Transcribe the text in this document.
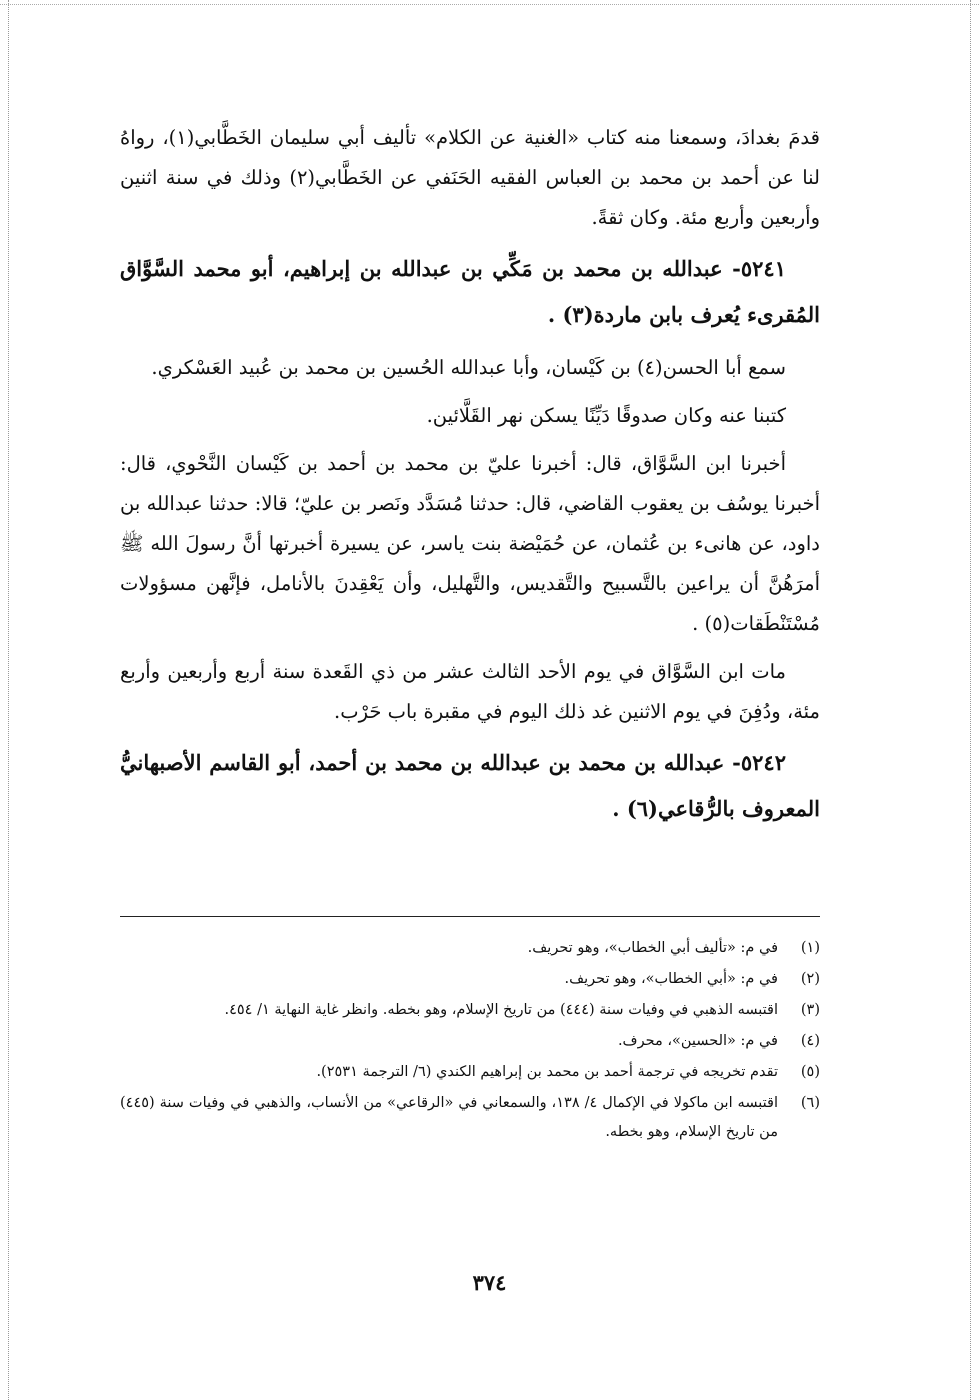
قدمَ بغدادَ، وسمعنا منه كتاب «الغنية عن الكلام» تأليف أبي سليمان الخَطَّابي(١)، رواهُ لنا عن أحمد بن محمد بن العباس الفقيه الحَنَفي عن الخَطَّابي(٢) وذلك في سنة اثنين وأربعين وأربع مئة. وكان ثقةً.

٥٢٤١- عبدالله بن محمد بن مَكِّي بن عبدالله بن إبراهيم، أبو محمد السَّوَّاق المُقرىء يُعرف بابن ماردة(٣) .

سمع أبا الحسن(٤) بن كَيْسان، وأبا عبدالله الحُسين بن محمد بن عُبيد العَسْكري.

كتبنا عنه وكان صدوقًا دَيِّنًا يسكن نهر القَلَّائين.

أخبرنا ابن السَّوَّاق، قال: أخبرنا عليّ بن محمد بن أحمد بن كَيْسان النَّحْوي، قال: أخبرنا يوسُف بن يعقوب القاضي، قال: حدثنا مُسَدَّد ونَصر بن عليّ؛ قالا: حدثنا عبدالله بن داود، عن هانىء بن عُثمان، عن حُمَيْضة بنت ياسر، عن يسيرة أخبرتها أنَّ رسولَ الله ﷺ أمرَهُنَّ أن يراعين بالتَّسبيح والتَّقديس، والتَّهليل، وأن يَعْقِدنَ بالأنامل، فإنَّهن مسؤولات مُسْتَنْطَقات(٥) .

مات ابن السَّوَّاق في يوم الأحد الثالث عشر من ذي القَعدة سنة أربع وأربعين وأربع مئة، ودُفِنَ في يوم الاثنين غد ذلك اليوم في مقبرة باب حَرْب.

٥٢٤٢- عبدالله بن محمد بن عبدالله بن محمد بن أحمد، أبو القاسم الأصبهانيُّ المعروف بالرُّقاعي(٦) .
(١)
في م: «تأليف أبي الخطاب»، وهو تحريف.
(٢)
في م: «أبي الخطاب»، وهو تحريف.
(٣)
اقتبسه الذهبي في وفيات سنة (٤٤٤) من تاريخ الإسلام، وهو بخطه. وانظر غاية النهاية ١/ ٤٥٤.
(٤)
في م: «الحسين»، محرف.
(٥)
تقدم تخريجه في ترجمة أحمد بن محمد بن إبراهيم الكندي (٦/ الترجمة ٢٥٣١).
(٦)
اقتبسه ابن ماكولا في الإكمال ٤/ ١٣٨، والسمعاني في «الرقاعي» من الأنساب، والذهبي في وفيات سنة (٤٤٥) من تاريخ الإسلام، وهو بخطه.
٣٧٤
